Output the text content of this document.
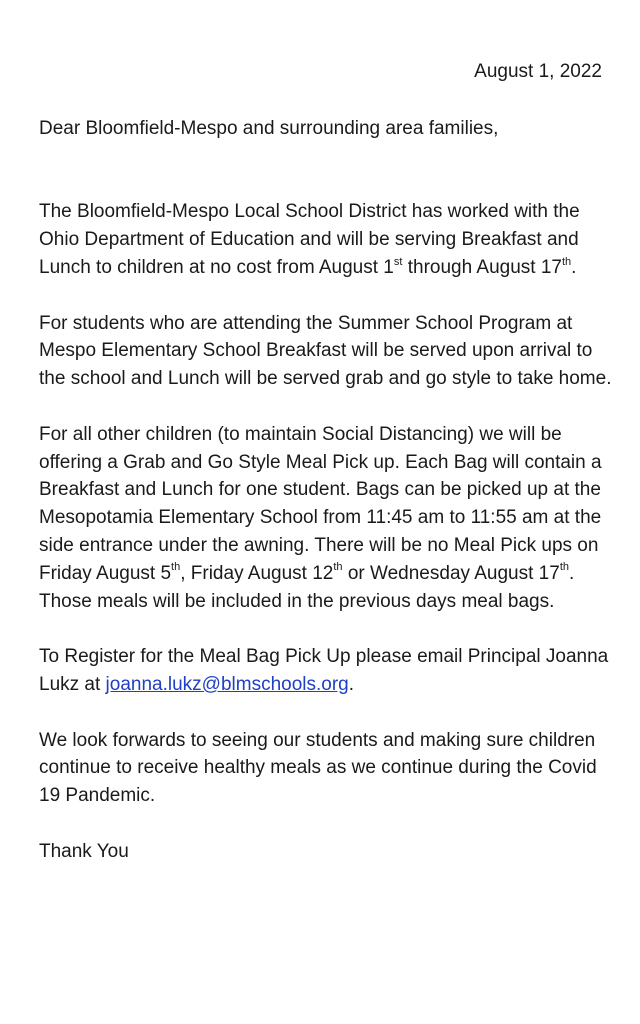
August 1, 2022

Dear Bloomfield-Mespo and surrounding area families,

The Bloomfield-Mespo Local School District has worked with the Ohio Department of Education and will be serving Breakfast and Lunch to children at no cost from August 1st through August 17th.

For students who are attending the Summer School Program at Mespo Elementary School Breakfast will be served upon arrival to the school and Lunch will be served grab and go style to take home.

For all other children (to maintain Social Distancing) we will be offering a Grab and Go Style Meal Pick up. Each Bag will contain a Breakfast and Lunch for one student. Bags can be picked up at the Mesopotamia Elementary School from 11:45 am to 11:55 am at the side entrance under the awning. There will be no Meal Pick ups on Friday August 5th, Friday August 12th or Wednesday August 17th. Those meals will be included in the previous days meal bags.

To Register for the Meal Bag Pick Up please email Principal Joanna Lukz at joanna.lukz@blmschools.org.

We look forwards to seeing our students and making sure children continue to receive healthy meals as we continue during the Covid 19 Pandemic.

Thank You
